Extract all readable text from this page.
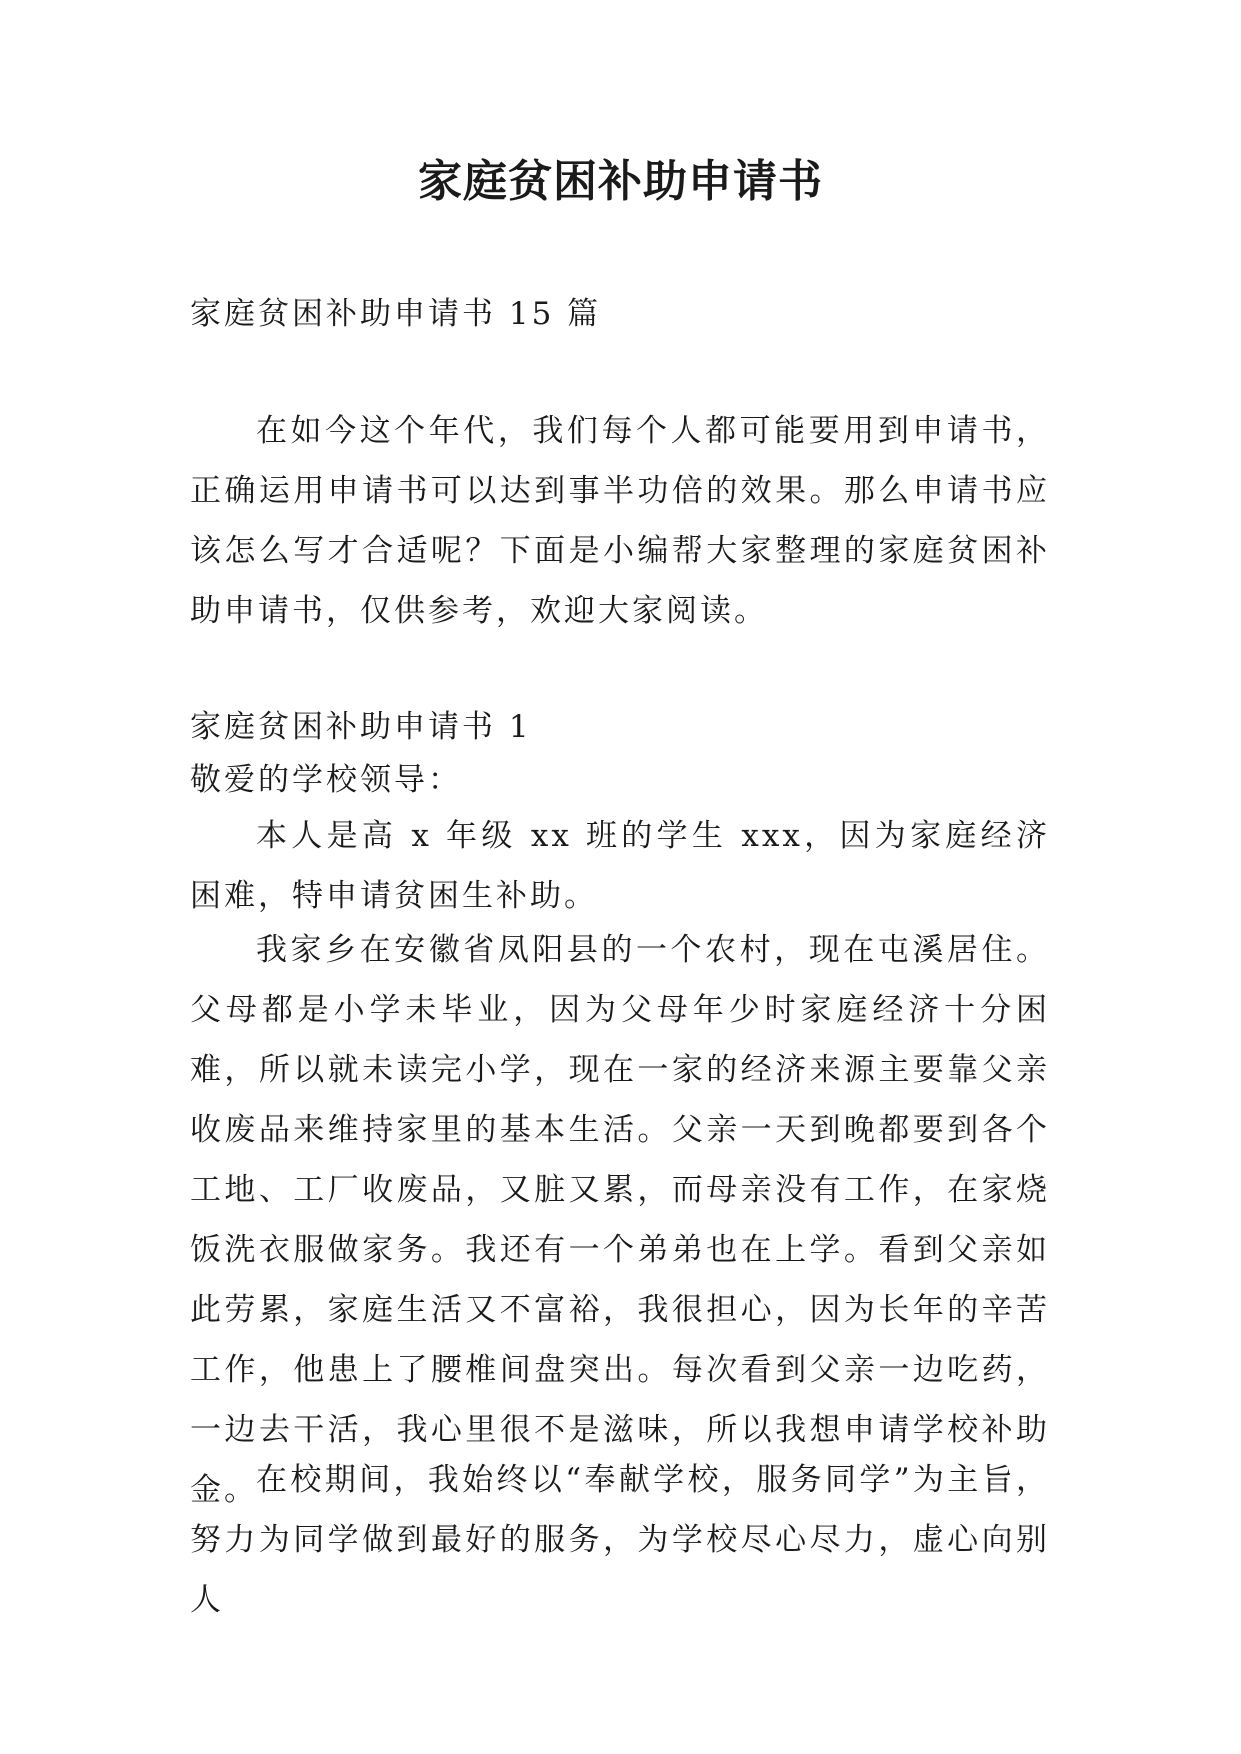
家庭贫困补助申请书
家庭贫困补助申请书 15 篇
在如今这个年代，我们每个人都可能要用到申请书，正确运用申请书可以达到事半功倍的效果。那么申请书应该怎么写才合适呢？下面是小编帮大家整理的家庭贫困补助申请书，仅供参考，欢迎大家阅读。
家庭贫困补助申请书 1
敬爱的学校领导：
本人是高 x 年级 xx 班的学生 xxx，因为家庭经济困难，特申请贫困生补助。
我家乡在安徽省凤阳县的一个农村，现在屯溪居住。父母都是小学未毕业，因为父母年少时家庭经济十分困难，所以就未读完小学，现在一家的经济来源主要靠父亲收废品来维持家里的基本生活。父亲一天到晚都要到各个工地、工厂收废品，又脏又累，而母亲没有工作，在家烧饭洗衣服做家务。我还有一个弟弟也在上学。看到父亲如此劳累，家庭生活又不富裕，我很担心，因为长年的辛苦工作，他患上了腰椎间盘突出。每次看到父亲一边吃药，一边去干活，我心里很不是滋味，所以我想申请学校补助金。
在校期间，我始终以“奉献学校，服务同学”为主旨，努力为同学做到最好的服务，为学校尽心尽力，虚心向别人
